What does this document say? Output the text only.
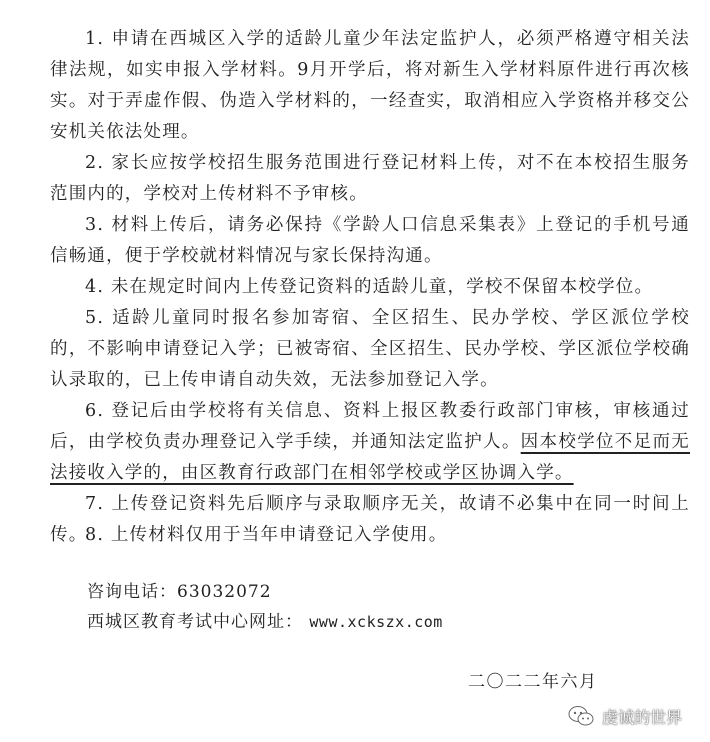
1. 申请在西城区入学的适龄儿童少年法定监护人，必须严格遵守相关法律法规，如实申报入学材料。9月开学后，将对新生入学材料原件进行再次核实。对于弄虚作假、伪造入学材料的，一经查实，取消相应入学资格并移交公安机关依法处理。

2. 家长应按学校招生服务范围进行登记材料上传，对不在本校招生服务范围内的，学校对上传材料不予审核。

3. 材料上传后，请务必保持《学龄人口信息采集表》上登记的手机号通信畅通，便于学校就材料情况与家长保持沟通。

4. 未在规定时间内上传登记资料的适龄儿童，学校不保留本校学位。

5. 适龄儿童同时报名参加寄宿、全区招生、民办学校、学区派位学校的，不影响申请登记入学；已被寄宿、全区招生、民办学校、学区派位学校确认录取的，已上传申请自动失效，无法参加登记入学。

6. 登记后由学校将有关信息、资料上报区教委行政部门审核，审核通过后，由学校负责办理登记入学手续，并通知法定监护人。因本校学位不足而无法接收入学的，由区教育行政部门在相邻学校或学区协调入学。

7. 上传登记资料先后顺序与录取顺序无关，故请不必集中在同一时间上传。

8. 上传材料仅用于当年申请登记入学使用。

咨询电话：63032072
西城区教育考试中心网址： www.xckszx.com
二〇二二年六月
虔诚的世界
